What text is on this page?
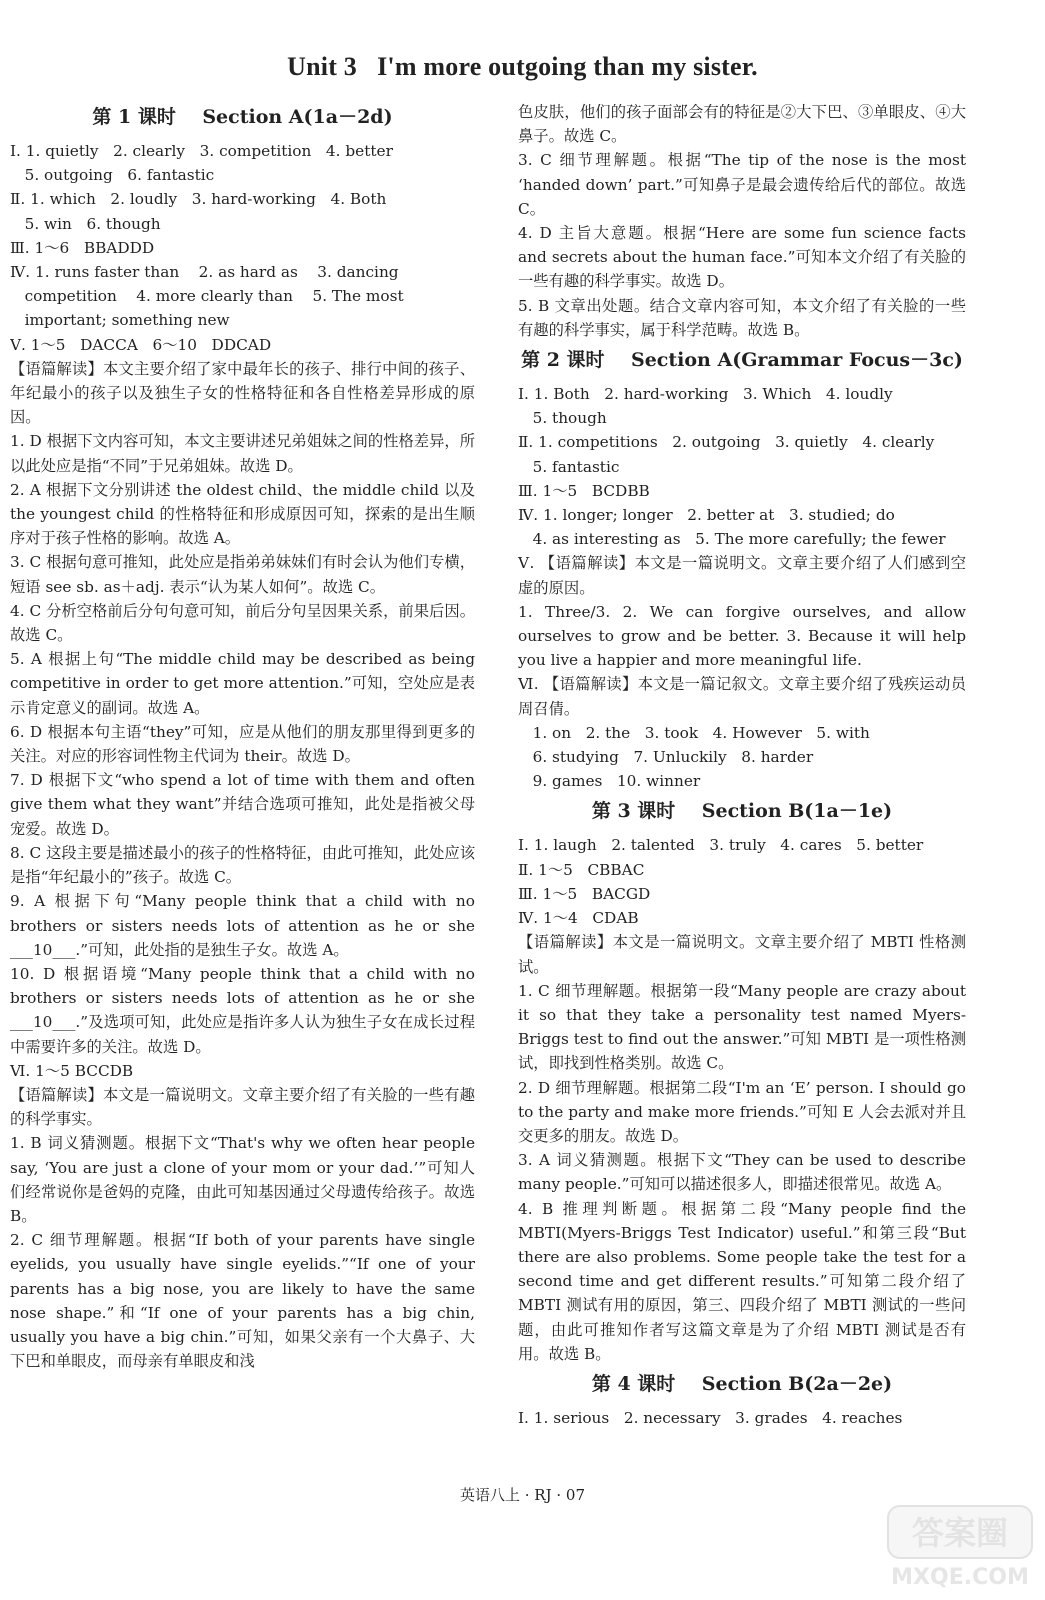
Unit 3   I'm more outgoing than my sister.
第 1 课时    Section A(1a－2d)
Ⅰ. 1. quietly   2. clearly   3. competition   4. better
5. outgoing   6. fantastic
Ⅱ. 1. which   2. loudly   3. hard-working   4. Both
5. win   6. though
Ⅲ. 1～6   BBADDD
Ⅳ. 1. runs faster than    2. as hard as    3. dancing
competition    4. more clearly than    5. The most
important; something new
Ⅴ. 1～5   DACCA   6～10   DDCAD
【语篇解读】本文主要介绍了家中最年长的孩子、排行中间的孩子、年纪最小的孩子以及独生子女的性格特征和各自性格差异形成的原因。
1. D 根据下文内容可知，本文主要讲述兄弟姐妹之间的性格差异，所以此处应是指“不同”于兄弟姐妹。故选 D。
2. A 根据下文分别讲述 the oldest child、the middle child 以及 the youngest child 的性格特征和形成原因可知，探索的是出生顺序对于孩子性格的影响。故选 A。
3. C 根据句意可推知，此处应是指弟弟妹妹们有时会认为他们专横，短语 see sb. as＋adj. 表示“认为某人如何”。故选 C。
4. C 分析空格前后分句句意可知，前后分句呈因果关系，前果后因。故选 C。
5. A 根据上句“The middle child may be described as being competitive in order to get more attention.”可知，空处应是表示肯定意义的副词。故选 A。
6. D 根据本句主语“they”可知，应是从他们的朋友那里得到更多的关注。对应的形容词性物主代词为 their。故选 D。
7. D 根据下文“who spend a lot of time with them and often give them what they want”并结合选项可推知，此处是指被父母宠爱。故选 D。
8. C 这段主要是描述最小的孩子的性格特征，由此可推知，此处应该是指“年纪最小的”孩子。故选 C。
9. A 根据下句“Many people think that a child with no brothers or sisters needs lots of attention as he or she ___10___.”可知，此处指的是独生子女。故选 A。
10. D 根据语境“Many people think that a child with no brothers or sisters needs lots of attention as he or she ___10___.”及选项可知，此处应是指许多人认为独生子女在成长过程中需要许多的关注。故选 D。
Ⅵ. 1～5 BCCDB
【语篇解读】本文是一篇说明文。文章主要介绍了有关脸的一些有趣的科学事实。
1. B 词义猜测题。根据下文“That's why we often hear people say, ‘You are just a clone of your mom or your dad.’”可知人们经常说你是爸妈的克隆，由此可知基因通过父母遗传给孩子。故选 B。
2. C 细节理解题。根据“If both of your parents have single eyelids, you usually have single eyelids.”“If one of your parents has a big nose, you are likely to have the same nose shape.”和“If one of your parents has a big chin, usually you have a big chin.”可知，如果父亲有一个大鼻子、大下巴和单眼皮，而母亲有单眼皮和浅
色皮肤，他们的孩子面部会有的特征是②大下巴、③单眼皮、④大鼻子。故选 C。
3. C 细节理解题。根据“The tip of the nose is the most ‘handed down’ part.”可知鼻子是最会遗传给后代的部位。故选 C。
4. D 主旨大意题。根据“Here are some fun science facts and secrets about the human face.”可知本文介绍了有关脸的一些有趣的科学事实。故选 D。
5. B 文章出处题。结合文章内容可知，本文介绍了有关脸的一些有趣的科学事实，属于科学范畴。故选 B。
第 2 课时    Section A(Grammar Focus－3c)
Ⅰ. 1. Both   2. hard-working   3. Which   4. loudly
5. though
Ⅱ. 1. competitions   2. outgoing   3. quietly   4. clearly
5. fantastic
Ⅲ. 1～5   BCDBB
Ⅳ. 1. longer; longer   2. better at   3. studied; do
4. as interesting as   5. The more carefully; the fewer
Ⅴ. 【语篇解读】本文是一篇说明文。文章主要介绍了人们感到空虚的原因。
1. Three/3. 2. We can forgive ourselves, and allow ourselves to grow and be better. 3. Because it will help you live a happier and more meaningful life.
Ⅵ. 【语篇解读】本文是一篇记叙文。文章主要介绍了残疾运动员周召倩。
1. on   2. the   3. took   4. However   5. with
6. studying   7. Unluckily   8. harder
9. games   10. winner
第 3 课时    Section B(1a－1e)
Ⅰ. 1. laugh   2. talented   3. truly   4. cares   5. better
Ⅱ. 1～5   CBBAC
Ⅲ. 1～5   BACGD
Ⅳ. 1～4   CDAB
【语篇解读】本文是一篇说明文。文章主要介绍了 MBTI 性格测试。
1. C 细节理解题。根据第一段“Many people are crazy about it so that they take a personality test named Myers-Briggs test to find out the answer.”可知 MBTI 是一项性格测试，即找到性格类别。故选 C。
2. D 细节理解题。根据第二段“I'm an ‘E’ person. I should go to the party and make more friends.”可知 E 人会去派对并且交更多的朋友。故选 D。
3. A 词义猜测题。根据下文“They can be used to describe many people.”可知可以描述很多人，即描述很常见。故选 A。
4. B 推理判断题。根据第二段“Many people find the MBTI(Myers-Briggs Test Indicator) useful.”和第三段“But there are also problems. Some people take the test for a second time and get different results.”可知第二段介绍了 MBTI 测试有用的原因，第三、四段介绍了 MBTI 测试的一些问题，由此可推知作者写这篇文章是为了介绍 MBTI 测试是否有用。故选 B。
第 4 课时    Section B(2a－2e)
Ⅰ. 1. serious   2. necessary   3. grades   4. reaches
英语八上 · RJ · 07
答案圈
MXQE.COM
